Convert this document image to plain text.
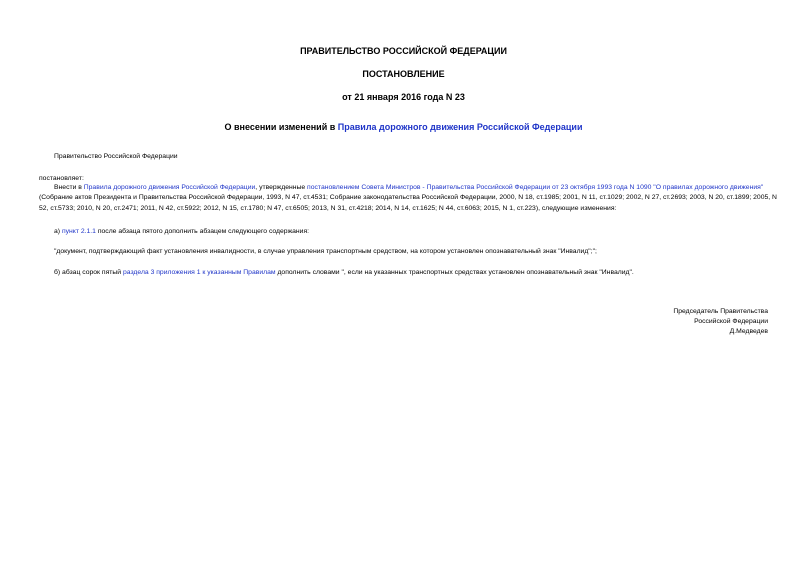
ПРАВИТЕЛЬСТВО РОССИЙСКОЙ ФЕДЕРАЦИИ
ПОСТАНОВЛЕНИЕ
от 21 января 2016 года N 23
О внесении изменений в Правила дорожного движения Российской Федерации
Правительство Российской Федерации
постановляет:
Внести в Правила дорожного движения Российской Федерации, утвержденные постановлением Совета Министров - Правительства Российской Федерации от 23 октября 1993 года N 1090 "О правилах дорожного движения" (Собрание актов Президента и Правительства Российской Федерации, 1993, N 47, ст.4531; Собрание законодательства Российской Федерации, 2000, N 18, ст.1985; 2001, N 11, ст.1029; 2002, N 27, ст.2693; 2003, N 20, ст.1899; 2005, N 52, ст.5733; 2010, N 20, ст.2471; 2011, N 42, ст.5922; 2012, N 15, ст.1780; N 47, ст.6505; 2013, N 31, ст.4218; 2014, N 14, ст.1625; N 44, ст.6063; 2015, N 1, ст.223), следующие изменения:
а) пункт 2.1.1 после абзаца пятого дополнить абзацем следующего содержания:
"документ, подтверждающий факт установления инвалидности, в случае управления транспортным средством, на котором установлен опознавательный знак "Инвалид";";
б) абзац сорок пятый раздела 3 приложения 1 к указанным Правилам дополнить словами ", если на указанных транспортных средствах установлен опознавательный знак "Инвалид".
Председатель Правительства
Российской Федерации
Д.Медведев
